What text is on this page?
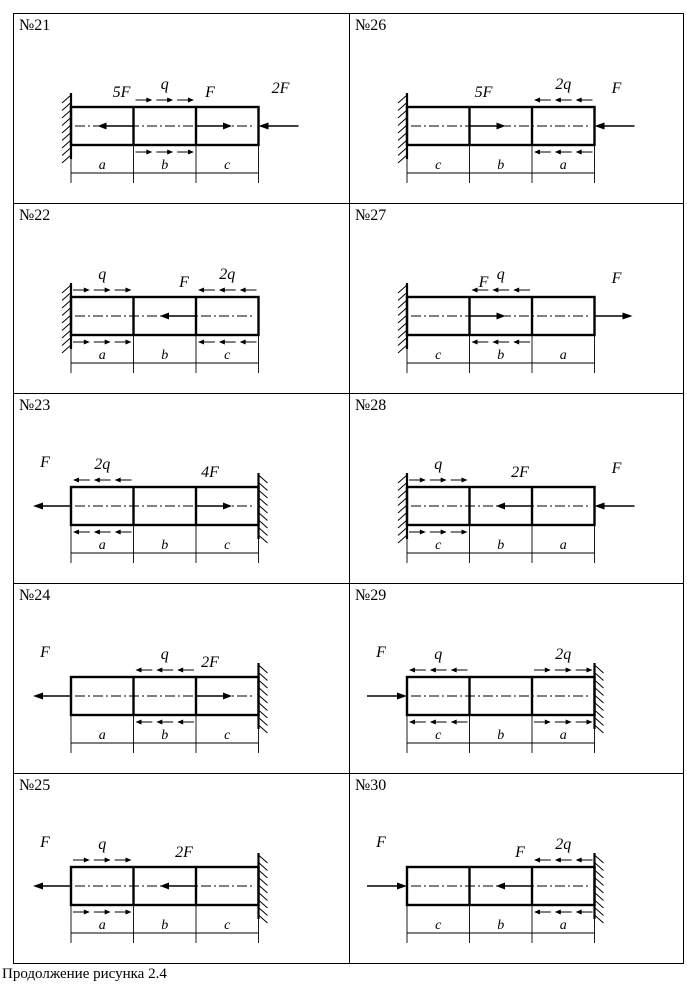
№21
a	b	c
5F q F	2F
№22
a	b	c
q	F 2q
№23
a	b	c
F	2q	4F
№24
a	b	c
F	q 2F
№25
a	b	c
F	q	2F
№26
c	b	a
5F	2q	F
№27
c	b	a
q
F	F
№28
c	b	a
q	2F	F
№29
c	b	a
F	q	2q
№30
c	b	a
F
F 2q
Продолжение рисунка 2.4
